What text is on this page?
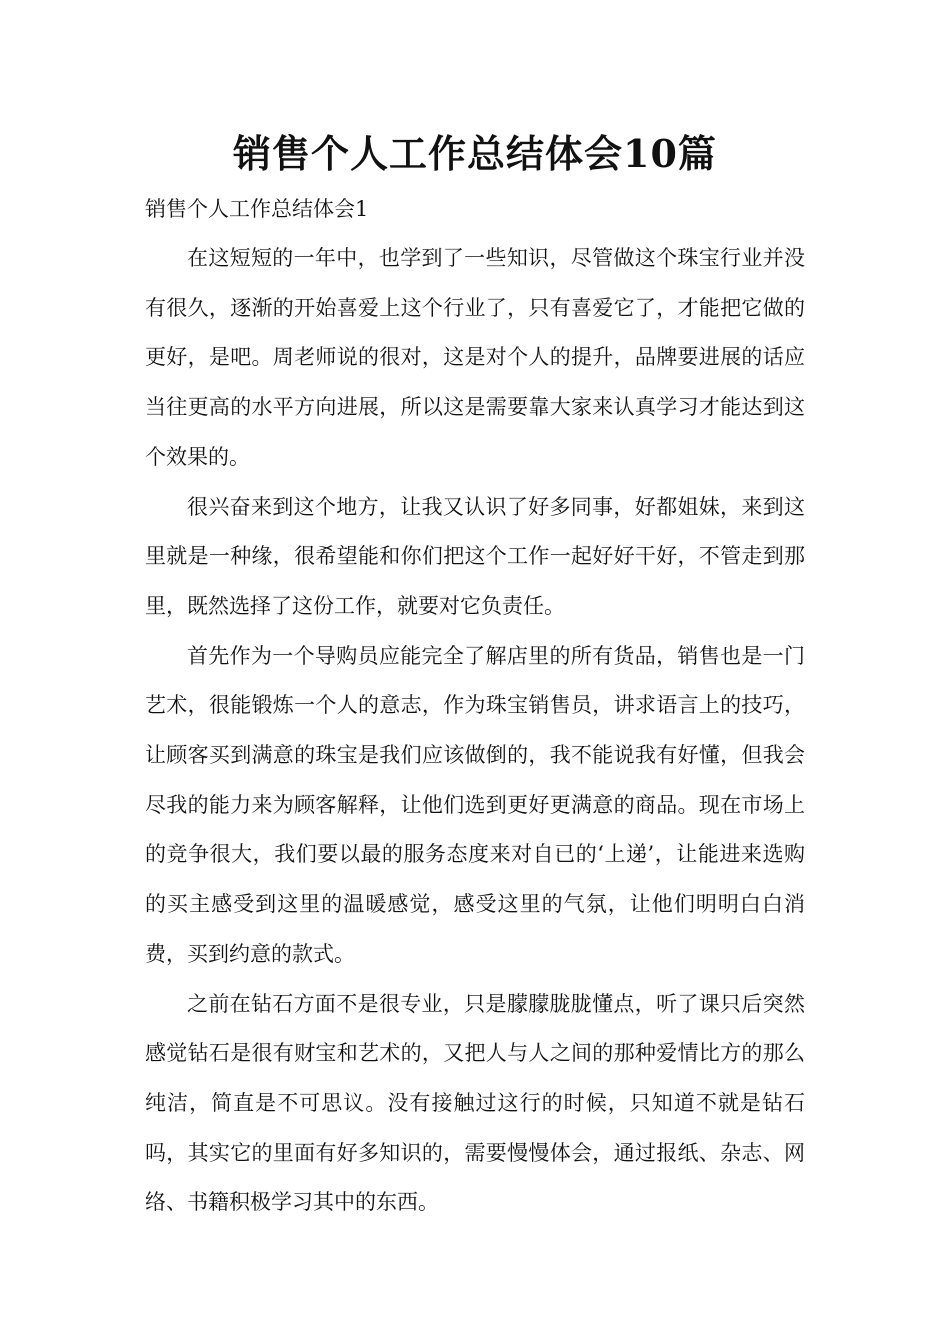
销售个人工作总结体会10篇

销售个人工作总结体会1

在这短短的一年中，也学到了一些知识，尽管做这个珠宝行业并没有很久，逐渐的开始喜爱上这个行业了，只有喜爱它了，才能把它做的更好，是吧。周老师说的很对，这是对个人的提升，品牌要进展的话应当往更高的水平方向进展，所以这是需要靠大家来认真学习才能达到这个效果的。

很兴奋来到这个地方，让我又认识了好多同事，好都姐妹，来到这里就是一种缘，很希望能和你们把这个工作一起好好干好，不管走到那里，既然选择了这份工作，就要对它负责任。

首先作为一个导购员应能完全了解店里的所有货品，销售也是一门艺术，很能锻炼一个人的意志，作为珠宝销售员，讲求语言上的技巧，让顾客买到满意的珠宝是我们应该做倒的，我不能说我有好懂，但我会尽我的能力来为顾客解释，让他们选到更好更满意的商品。现在市场上的竞争很大，我们要以最的服务态度来对自已的‘上递’，让能进来选购的买主感受到这里的温暖感觉，感受这里的气氛，让他们明明白白消费，买到约意的款式。

之前在钻石方面不是很专业，只是朦朦胧胧懂点，听了课只后突然感觉钻石是很有财宝和艺术的，又把人与人之间的那种爱情比方的那么纯洁，简直是不可思议。没有接触过这行的时候，只知道不就是钻石吗，其实它的里面有好多知识的，需要慢慢体会，通过报纸、杂志、网络、书籍积极学习其中的东西。
